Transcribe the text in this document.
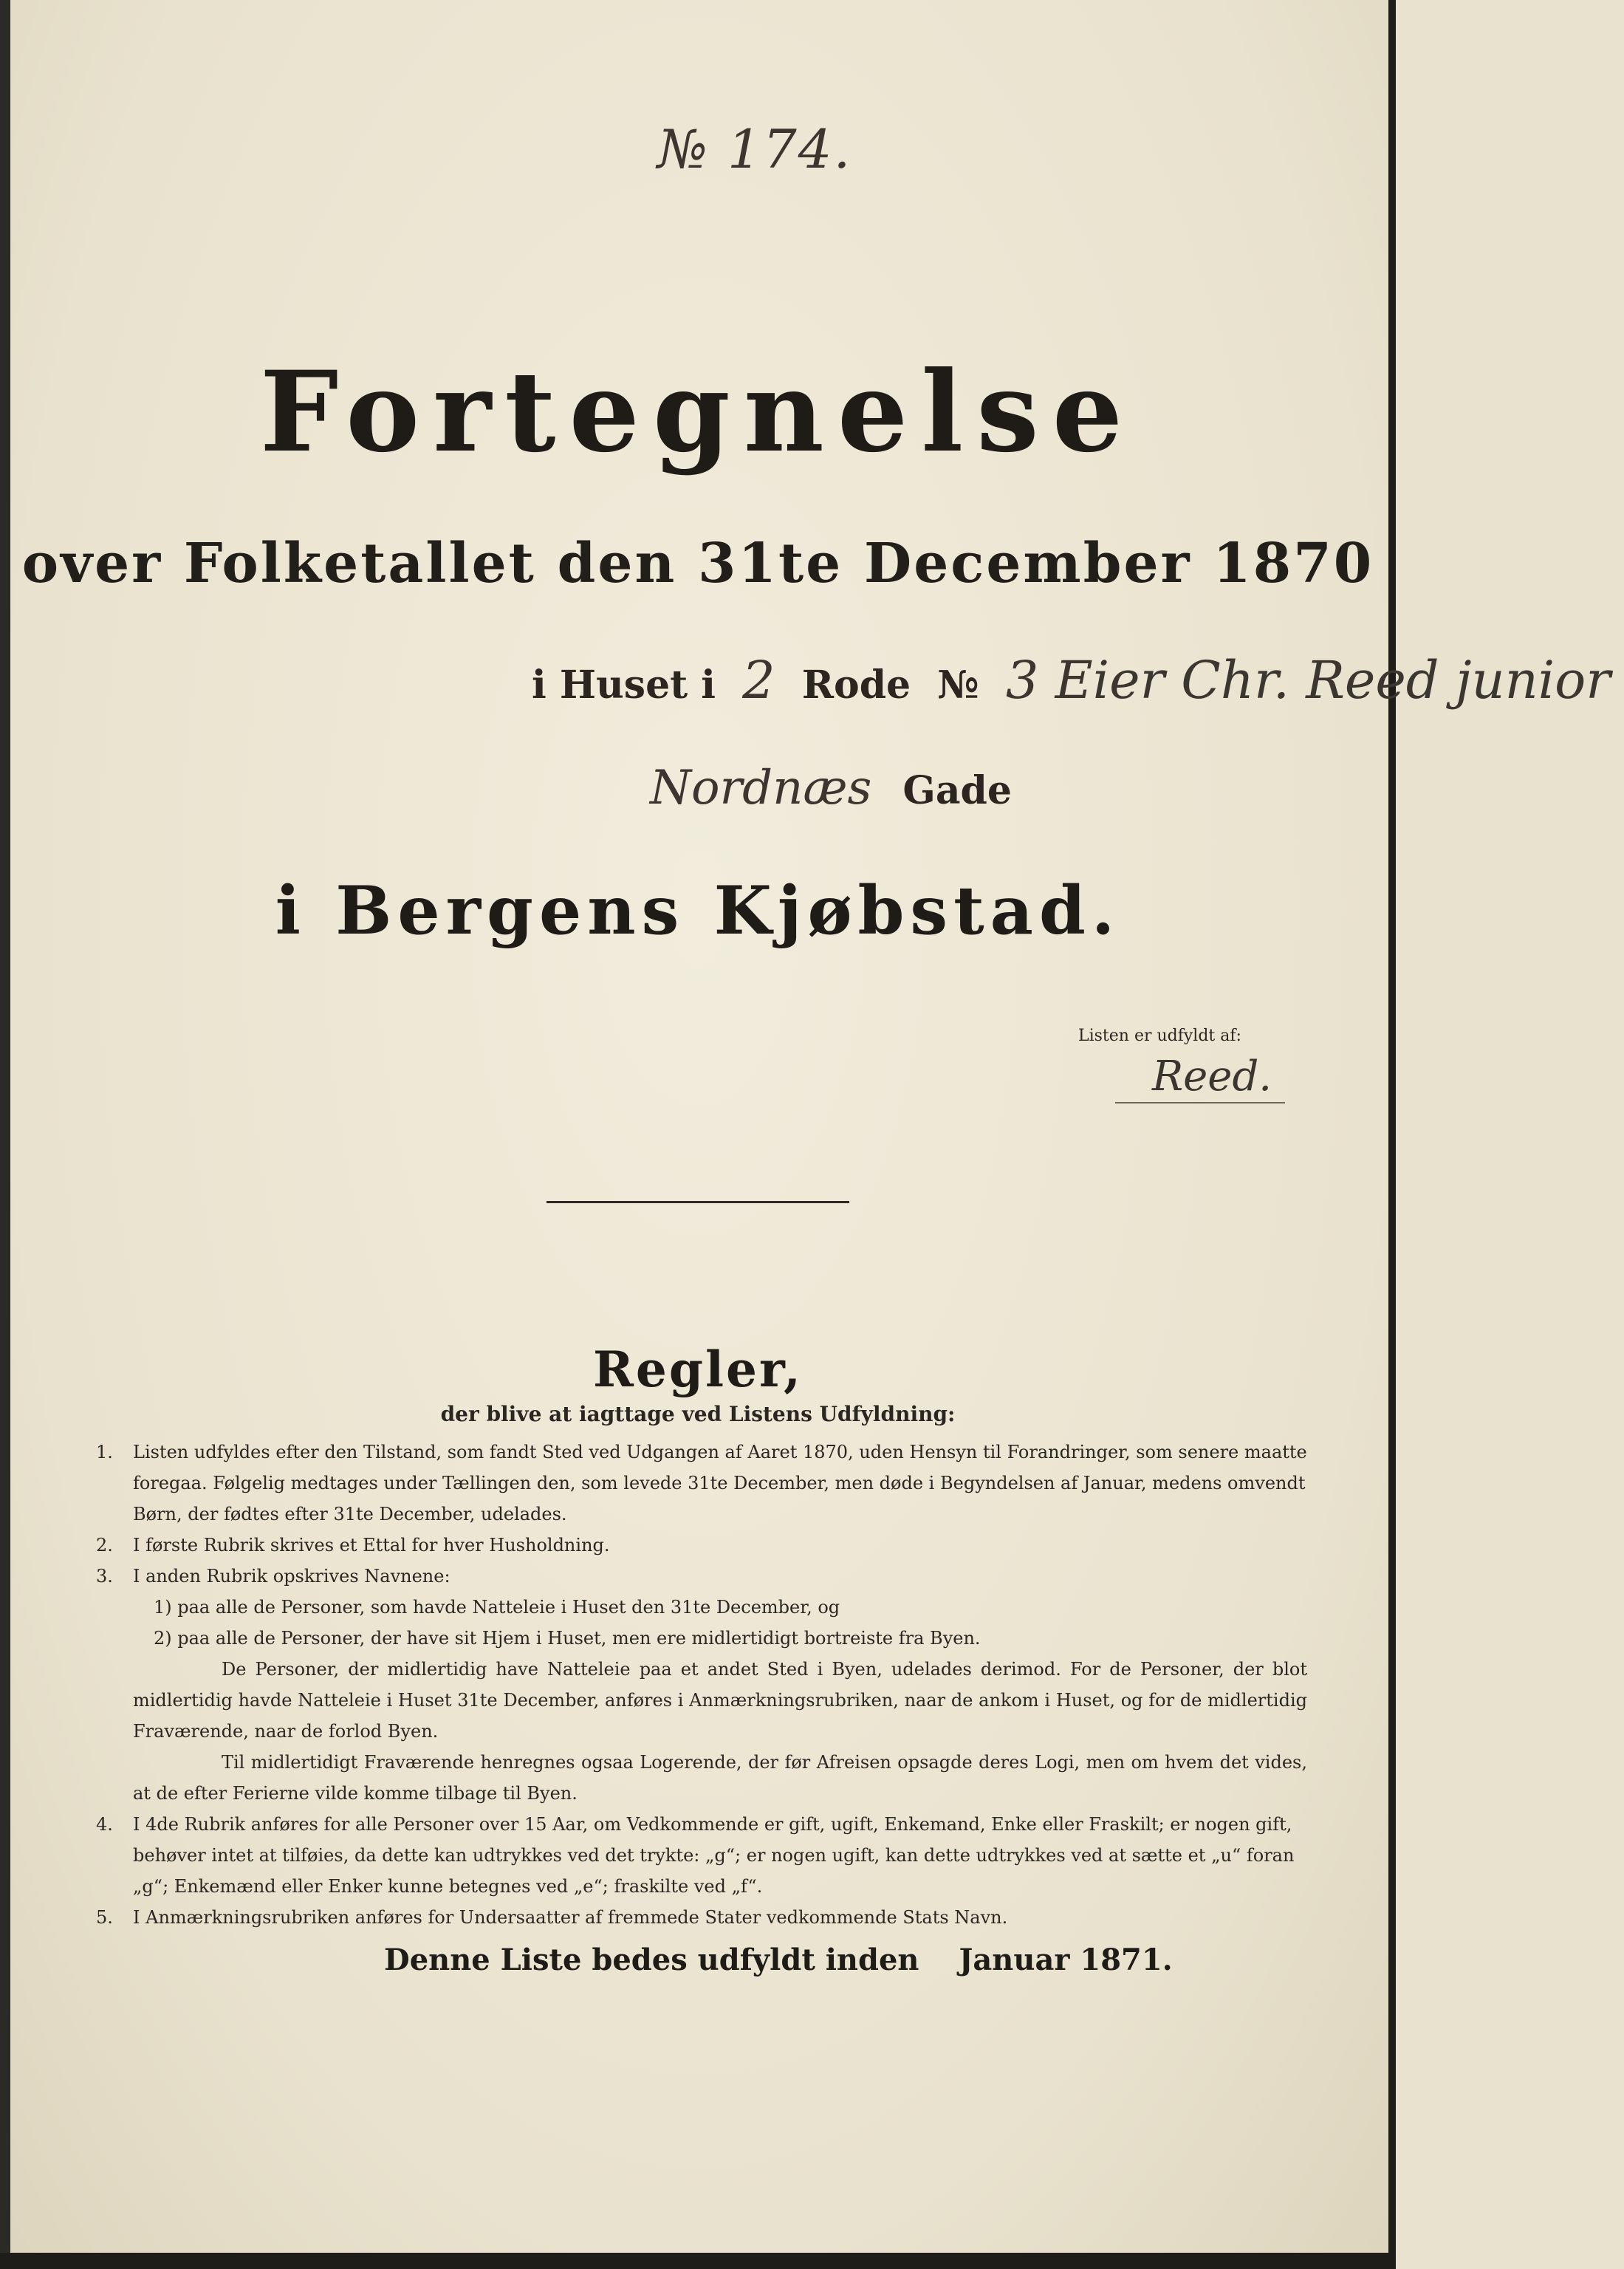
№ 174.
Fortegnelse
over Folketallet den 31te December 1870
i Huset i 2 Rode № 3 Eier Chr. Reed junior
Nordnæs Gade
i Bergens Kjøbstad.
Listen er udfyldt af:
Reed.
Regler,
der blive at iagttage ved Listens Udfyldning:

1.	Listen udfyldes efter den Tilstand, som fandt Sted ved Udgangen af Aaret 1870, uden Hensyn til Forandringer, som senere maatte foregaa. Følgelig medtages under Tællingen den, som levede 31te December, men døde i Begyndelsen af Januar, medens omvendt Børn, der fødtes efter 31te December, udelades.

2.	I første Rubrik skrives et Ettal for hver Husholdning.

3.	I anden Rubrik opskrives Navnene:

1) paa alle de Personer, som havde Natteleie i Huset den 31te December, og

2) paa alle de Personer, der have sit Hjem i Huset, men ere midlertidigt bortreiste fra Byen.

De Personer, der midlertidig have Natteleie paa et andet Sted i Byen, udelades derimod. For de Personer, der blot midlertidig havde Natteleie i Huset 31te December, anføres i Anmærkningsrubriken, naar de ankom i Huset, og for de midlertidig Fraværende, naar de forlod Byen.

Til midlertidigt Fraværende henregnes ogsaa Logerende, der før Afreisen opsagde deres Logi, men om hvem det vides, at de efter Ferierne vilde komme tilbage til Byen.

4.	I 4de Rubrik anføres for alle Personer over 15 Aar, om Vedkommende er gift, ugift, Enkemand, Enke eller Fraskilt; er nogen gift, behøver intet at tilføies, da dette kan udtrykkes ved det trykte: „g“; er nogen ugift, kan dette udtrykkes ved at sætte et „u“ foran „g“; Enkemænd eller Enker kunne betegnes ved „e“; fraskilte ved „f“.

5.	I Anmærkningsrubriken anføres for Undersaatter af fremmede Stater vedkommende Stats Navn.

Denne Liste bedes udfyldt inden Januar 1871.
